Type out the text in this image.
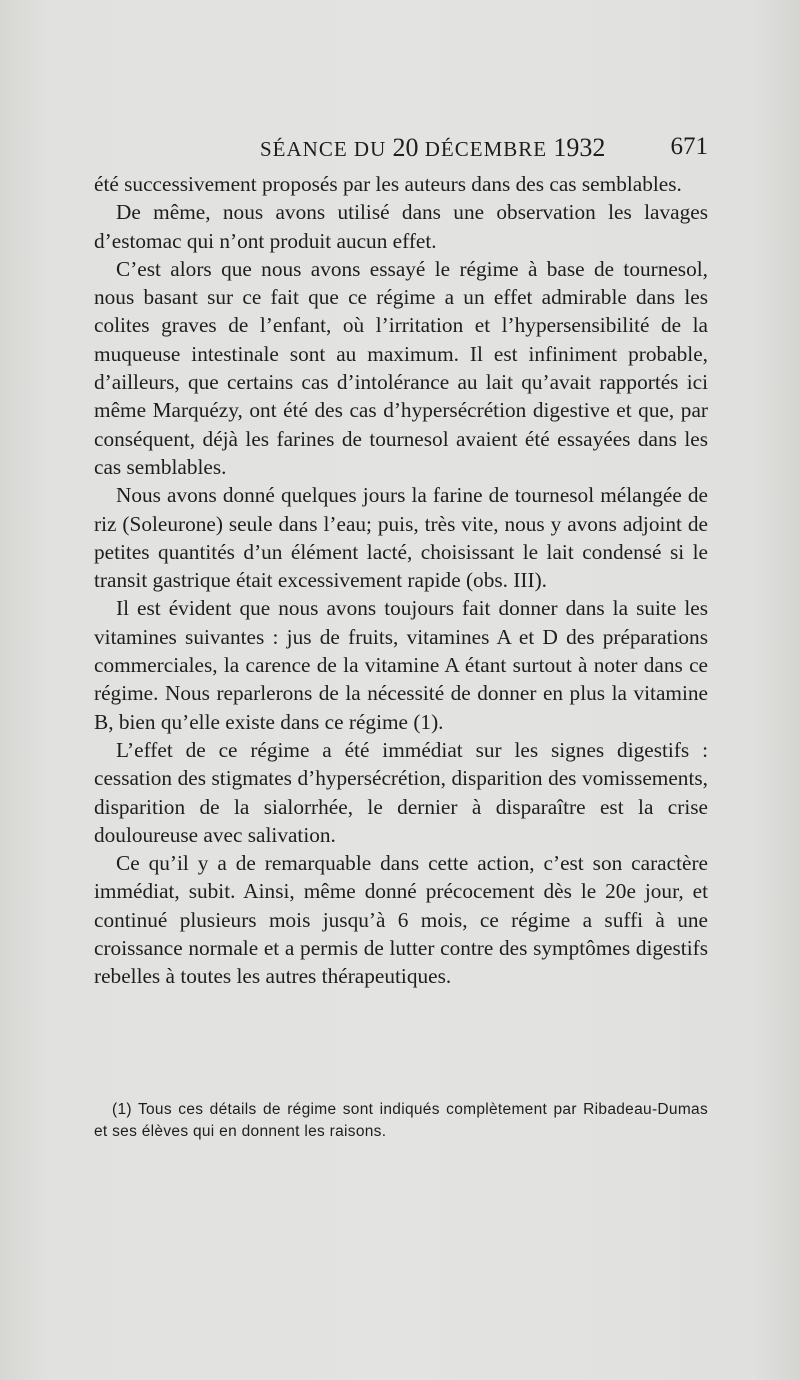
SÉANCE DU 20 DÉCEMBRE 1932	671

été successivement proposés par les auteurs dans des cas semblables.

De même, nous avons utilisé dans une observation les lavages d’estomac qui n’ont produit aucun effet.

C’est alors que nous avons essayé le régime à base de tournesol, nous basant sur ce fait que ce régime a un effet admirable dans les colites graves de l’enfant, où l’irritation et l’hypersensibilité de la muqueuse intestinale sont au maximum. Il est infiniment probable, d’ailleurs, que certains cas d’intolérance au lait qu’avait rapportés ici même Marquézy, ont été des cas d’hypersécrétion digestive et que, par conséquent, déjà les farines de tournesol avaient été essayées dans les cas semblables.

Nous avons donné quelques jours la farine de tournesol mélangée de riz (Soleurone) seule dans l’eau; puis, très vite, nous y avons adjoint de petites quantités d’un élément lacté, choisissant le lait condensé si le transit gastrique était excessivement rapide (obs. III).

Il est évident que nous avons toujours fait donner dans la suite les vitamines suivantes : jus de fruits, vitamines A et D des préparations commerciales, la carence de la vitamine A étant surtout à noter dans ce régime. Nous reparlerons de la nécessité de donner en plus la vitamine B, bien qu’elle existe dans ce régime (1).

L’effet de ce régime a été immédiat sur les signes digestifs : cessation des stigmates d’hypersécrétion, disparition des vomissements, disparition de la sialorrhée, le dernier à disparaître est la crise douloureuse avec salivation.

Ce qu’il y a de remarquable dans cette action, c’est son caractère immédiat, subit. Ainsi, même donné précocement dès le 20e jour, et continué plusieurs mois jusqu’à 6 mois, ce régime a suffi à une croissance normale et a permis de lutter contre des symptômes digestifs rebelles à toutes les autres thérapeutiques.

(1) Tous ces détails de régime sont indiqués complètement par Ribadeau-Dumas et ses élèves qui en donnent les raisons.
